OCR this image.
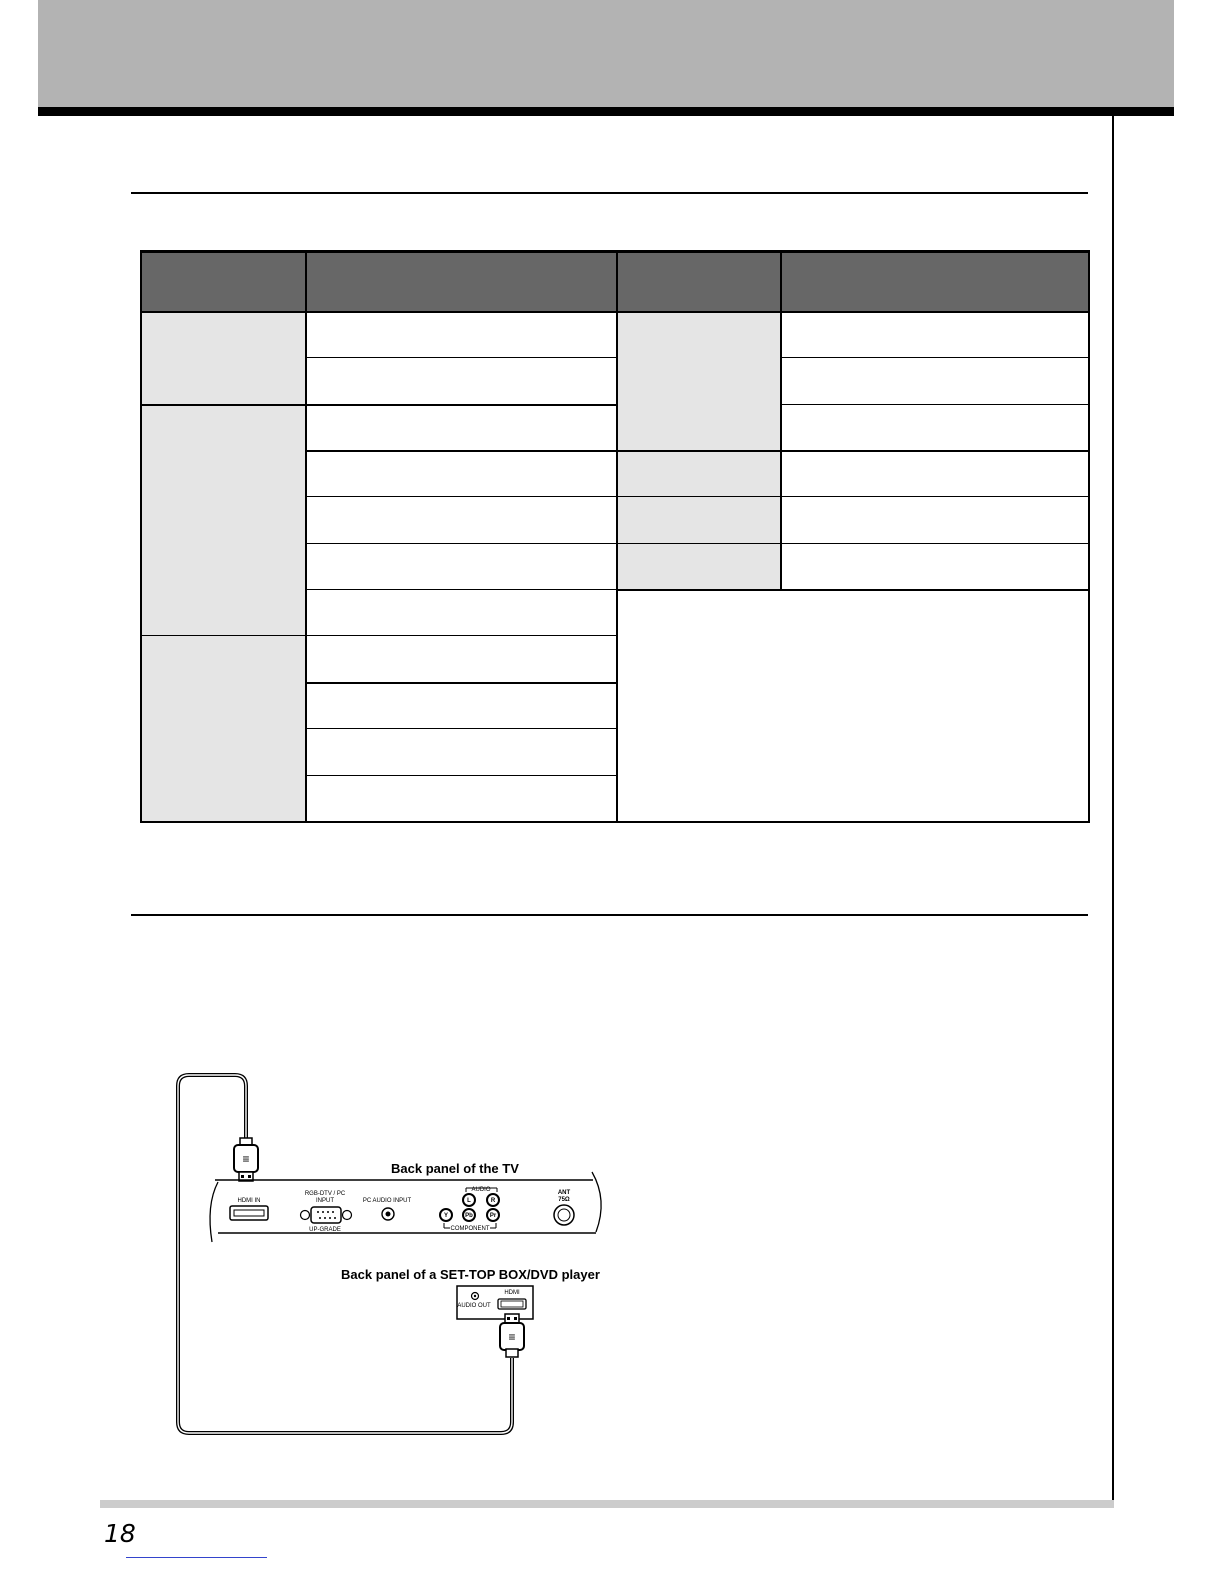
≡
HDMI IN
RGB-DTV / PC
INPUT
UP-GRADE
PC AUDIO INPUT
AUDIO
COMPONENT
ANT
75Ω
L	R
Y	Pb	Pr
AUDIO OUT
HDMI
≡
Back panel of the TV
Back panel of a SET-TOP BOX/DVD player
18
